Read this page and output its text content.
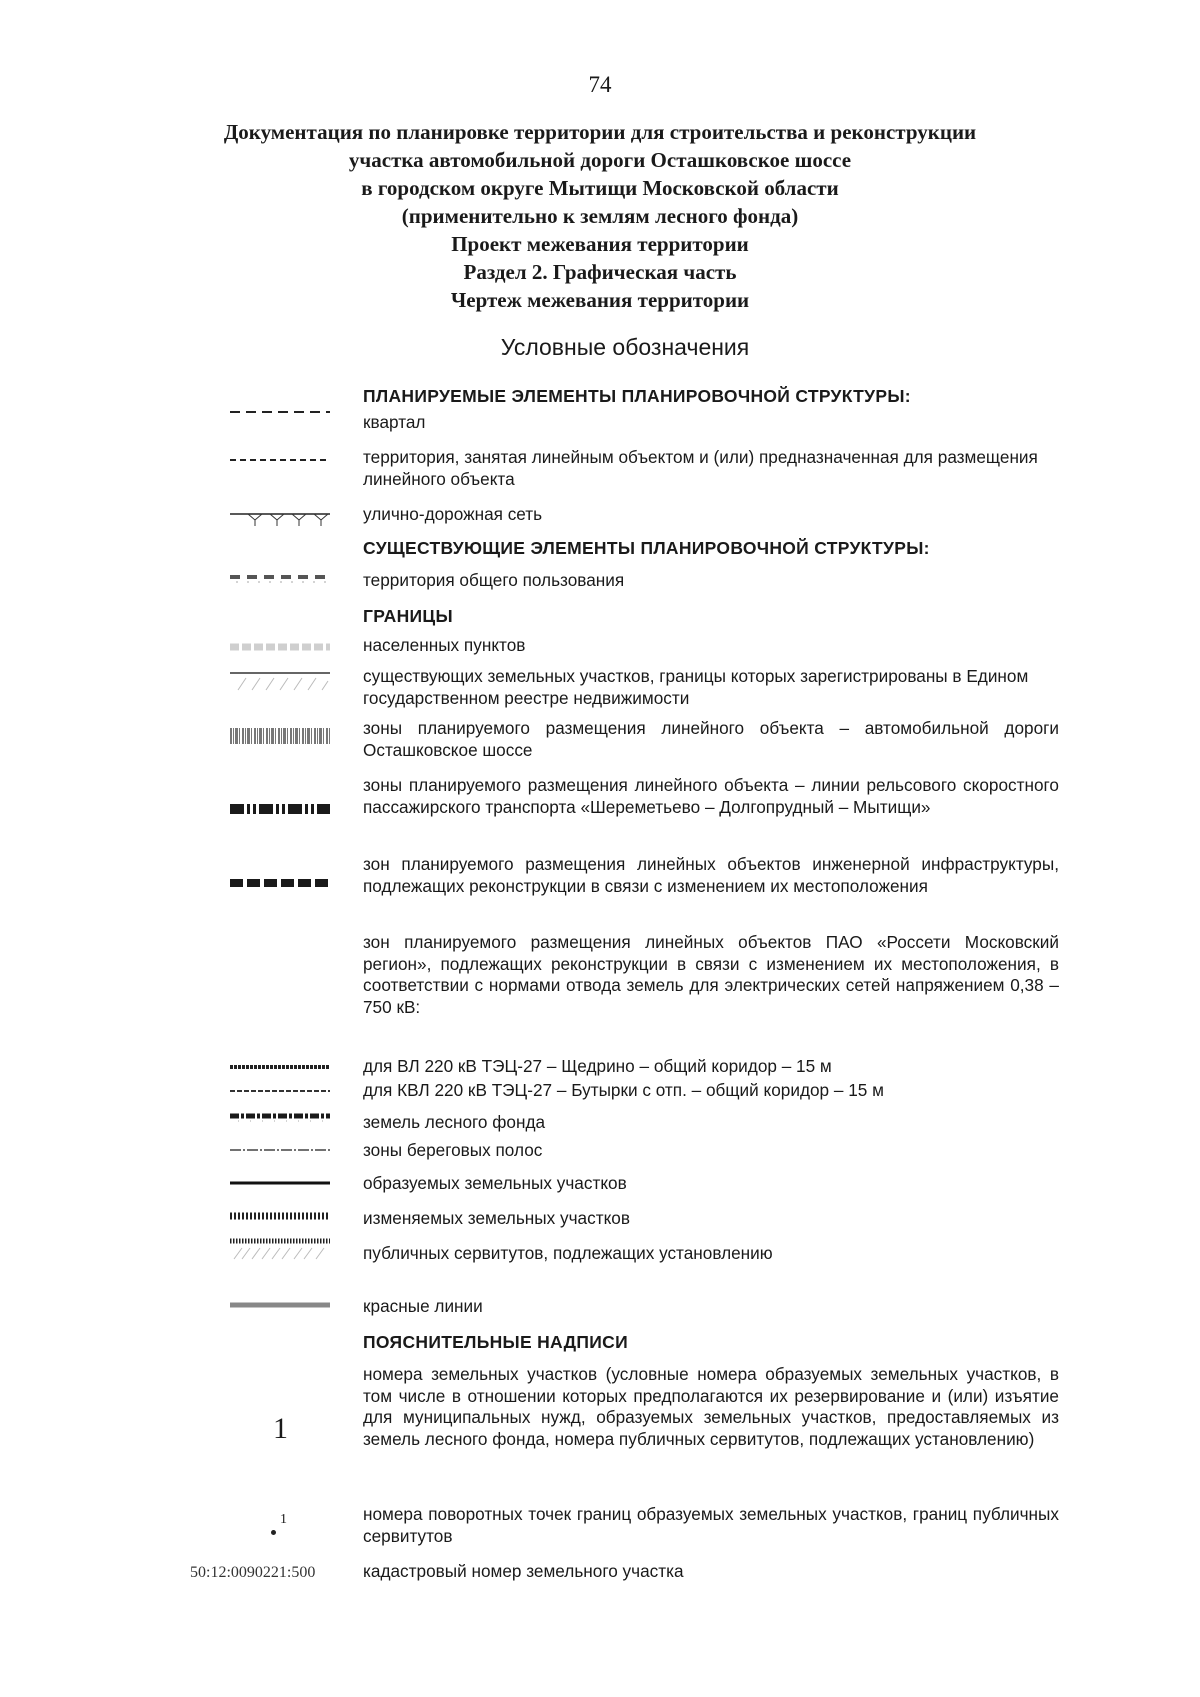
74
Документация по планировке территории для строительства и реконструкции
участка автомобильной дороги Осташковское шоссе
в городском округе Мытищи Московской области
(применительно к землям лесного фонда)
Проект межевания территории
Раздел 2. Графическая часть
Чертеж межевания территории
Условные обозначения
ПЛАНИРУЕМЫЕ ЭЛЕМЕНТЫ ПЛАНИРОВОЧНОЙ СТРУКТУРЫ:
квартал
территория, занятая линейным объектом и (или) предназначенная для размещения линейного объекта
улично-дорожная сеть
СУЩЕСТВУЮЩИЕ ЭЛЕМЕНТЫ ПЛАНИРОВОЧНОЙ СТРУКТУРЫ:
территория общего пользования
ГРАНИЦЫ
населенных пунктов
существующих земельных участков, границы которых зарегистрированы в Едином государственном реестре недвижимости
зоны планируемого размещения линейного объекта – автомобильной дороги Осташковское шоссе
зоны планируемого размещения линейного объекта – линии рельсового скоростного пассажирского транспорта «Шереметьево – Долгопрудный – Мытищи»
зон планируемого размещения линейных объектов инженерной инфраструктуры, подлежащих реконструкции в связи с изменением их местоположения
зон планируемого размещения линейных объектов ПАО «Россети Московский регион», подлежащих реконструкции в связи с изменением их местоположения, в соответствии с нормами отвода земель для электрических сетей напряжением 0,38 – 750 кВ:
для ВЛ 220 кВ ТЭЦ-27 – Щедрино – общий коридор – 15 м
для КВЛ 220 кВ ТЭЦ-27 – Бутырки с отп. – общий коридор – 15 м
земель лесного фонда
зоны береговых полос
образуемых земельных участков
изменяемых земельных участков
публичных сервитутов, подлежащих установлению
красные линии
ПОЯСНИТЕЛЬНЫЕ НАДПИСИ
1
номера земельных участков (условные номера образуемых земельных участков, в том числе в отношении которых предполагаются их резервирование и (или) изъятие для муниципальных нужд, образуемых земельных участков, предоставляемых из земель лесного фонда, номера публичных сервитутов, подлежащих установлению)
1	номера поворотных точек границ образуемых земельных участков, границ публичных сервитутов
50:12:0090221:500	кадастровый номер земельного участка
